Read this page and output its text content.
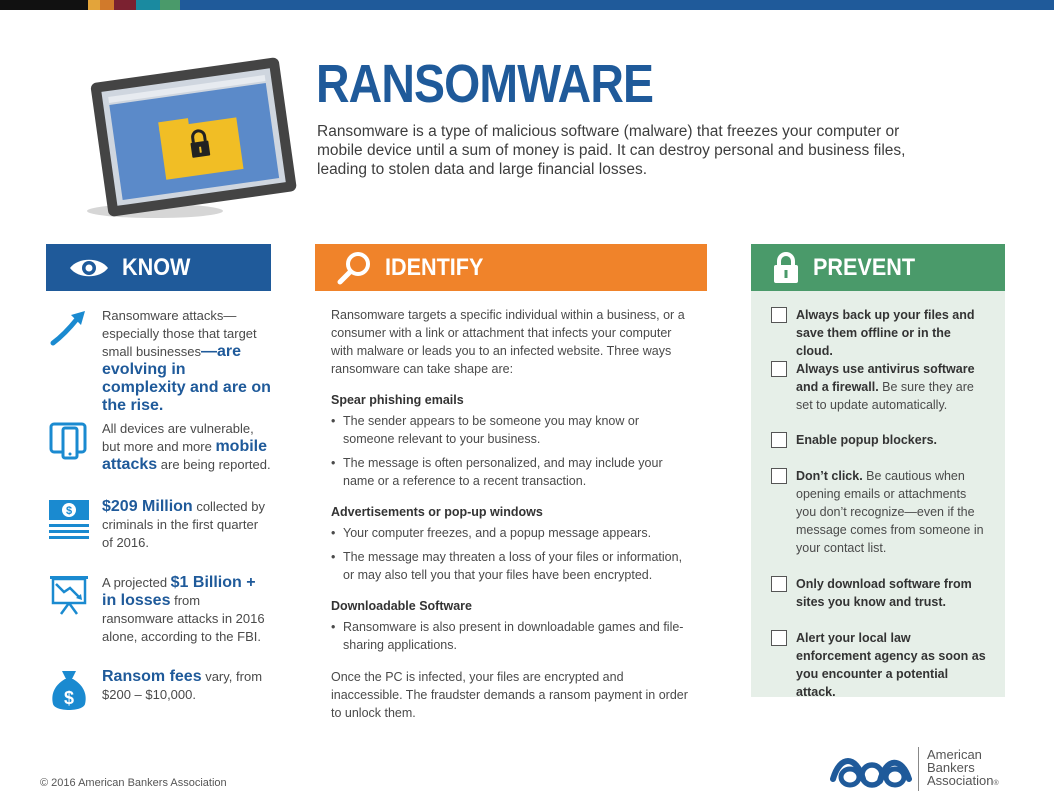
RANSOMWARE

Ransomware is a type of malicious software (malware) that freezes your computer or mobile device until a sum of money is paid. It can destroy personal and business files, leading to stolen data and large financial losses.

KNOW	IDENTIFY	PREVENT
Ransomware attacks—especially those that target small businesses—are evolving in complexity and are on the rise.
All devices are vulnerable, but more and more mobile attacks are being reported.
$ $209 Million collected by criminals in the first quarter of 2016.
A projected $1 Billion + in losses from ransomware attacks in 2016 alone, according to the FBI.
$
Ransom fees vary, from $200 – $10,000.

Ransomware targets a specific individual within a business, or a consumer with a link or attachment that infects your computer with malware or leads you to an infected website. Three ways ransomware can take shape are:

Spear phishing emails
• The sender appears to be someone you may know or someone relevant to your business.
• The message is often personalized, and may include your name or a reference to a recent transaction.
Advertisements or pop-up windows
• Your computer freezes, and a popup message appears.
• The message may threaten a loss of your files or information, or may also tell you that your files have been encrypted.
Downloadable Software
• Ransomware is also present in downloadable games and file-sharing applications.

Once the PC is infected, your files are encrypted and inaccessible. The fraudster demands a ransom payment in order to unlock them.

Always back up your files and save them offline or in the cloud.
Always use antivirus software and a firewall. Be sure they are set to update automatically.
Enable popup blockers.
Don’t click. Be cautious when opening emails or attachments you don’t recognize—even if the message comes from someone in your contact list.
Only download software from sites you know and trust.
Alert your local law enforcement agency as soon as you encounter a potential attack.
© 2016 American Bankers Association
American
Bankers
Association®
